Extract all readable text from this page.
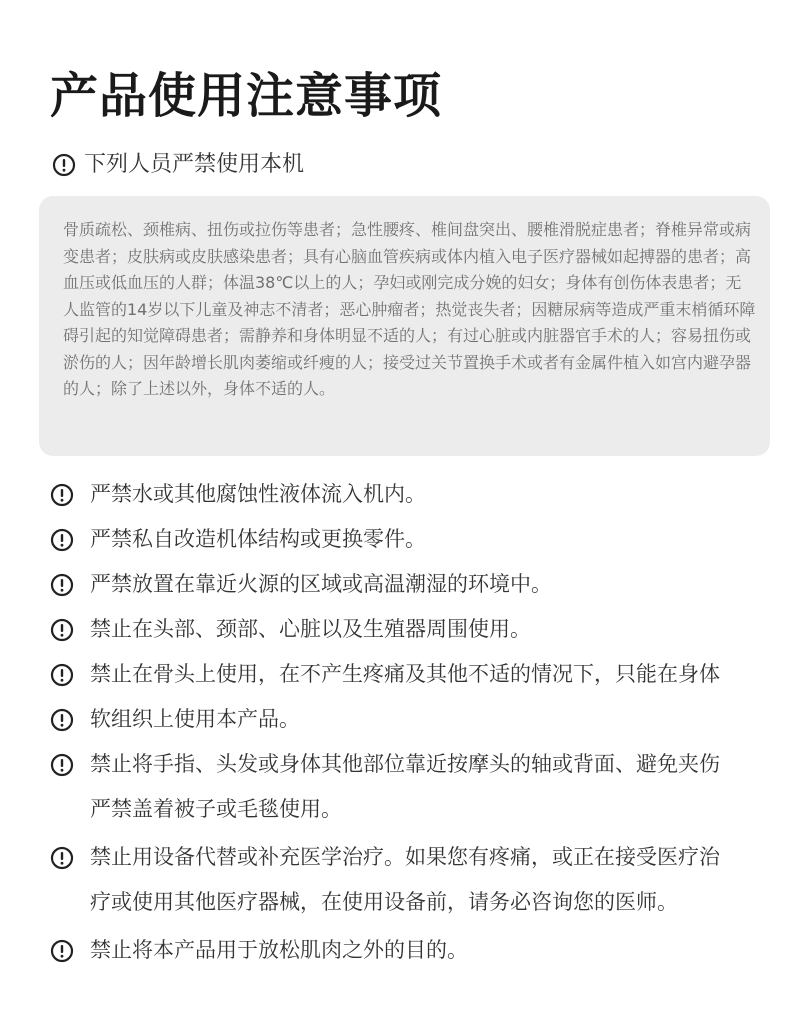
产品使用注意事项
下列人员严禁使用本机

骨质疏松、颈椎病、扭伤或拉伤等患者；急性腰疼、椎间盘突出、腰椎滑脱症患者；脊椎异常或病变患者；皮肤病或皮肤感染患者；具有心脑血管疾病或体内植入电子医疗器械如起搏器的患者；高血压或低血压的人群；体温38℃以上的人；孕妇或刚完成分娩的妇女；身体有创伤体表患者；无人监管的14岁以下儿童及神志不清者；恶心肿瘤者；热觉丧失者；因糖尿病等造成严重末梢循环障碍引起的知觉障碍患者；需静养和身体明显不适的人；有过心脏或内脏器官手术的人；容易扭伤或淤伤的人；因年龄增长肌肉萎缩或纤瘦的人；接受过关节置换手术或者有金属件植入如宫内避孕器的人；除了上述以外，身体不适的人。

严禁水或其他腐蚀性液体流入机内。
严禁私自改造机体结构或更换零件。
严禁放置在靠近火源的区域或高温潮湿的环境中。
禁止在头部、颈部、心脏以及生殖器周围使用。
禁止在骨头上使用，在不产生疼痛及其他不适的情况下，只能在身体
软组织上使用本产品。
禁止将手指、头发或身体其他部位靠近按摩头的轴或背面、避免夹伤
严禁盖着被子或毛毯使用。
禁止用设备代替或补充医学治疗。如果您有疼痛，或正在接受医疗治
疗或使用其他医疗器械，在使用设备前，请务必咨询您的医师。
禁止将本产品用于放松肌肉之外的目的。
